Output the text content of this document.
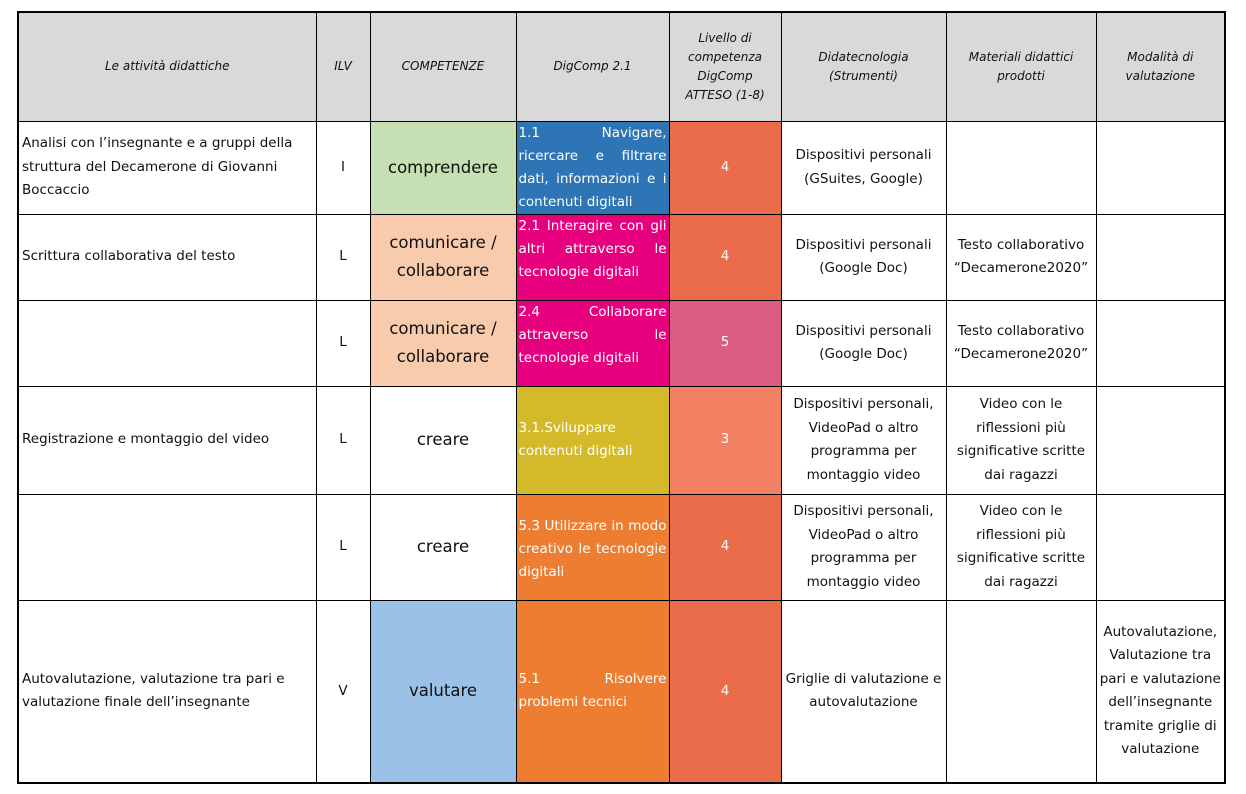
Le attività didattiche	ILV	COMPETENZE	DigComp 2.1	Livello di competenza DigComp ATTESO (1-8)	Didatecnologia (Strumenti)	Materiali didattici prodotti	Modalità di valutazione
Analisi con l’insegnante e a gruppi della struttura del Decamerone di Giovanni Boccaccio	I	comprendere	1.1 Navigare, ricercare e filtrare dati, informazioni e i contenuti digitali	4	Dispositivi personali (GSuites, Google)		
Scrittura collaborativa del testo	L	comunicare / collaborare	2.1 Interagire con gli altri attraverso le tecnologie digitali	4	Dispositivi personali (Google Doc)	Testo collaborativo “Decamerone2020”	
	L	comunicare / collaborare	2.4 Collaborare attraverso le tecnologie digitali	5	Dispositivi personali (Google Doc)	Testo collaborativo “Decamerone2020”	
Registrazione e montaggio del video	L	creare	3.1.Sviluppare contenuti digitali	3	Dispositivi personali, VideoPad o altro programma per montaggio video	Video con le riflessioni più significative scritte dai ragazzi	
	L	creare	5.3 Utilizzare in modo creativo le tecnologie digitali	4	Dispositivi personali, VideoPad o altro programma per montaggio video	Video con le riflessioni più significative scritte dai ragazzi	
Autovalutazione, valutazione tra pari e valutazione finale dell’insegnante	V	valutare	5.1 Risolvere problemi tecnici	4	Griglie di valutazione e autovalutazione		Autovalutazione, Valutazione tra pari e valutazione dell’insegnante tramite griglie di valutazione
